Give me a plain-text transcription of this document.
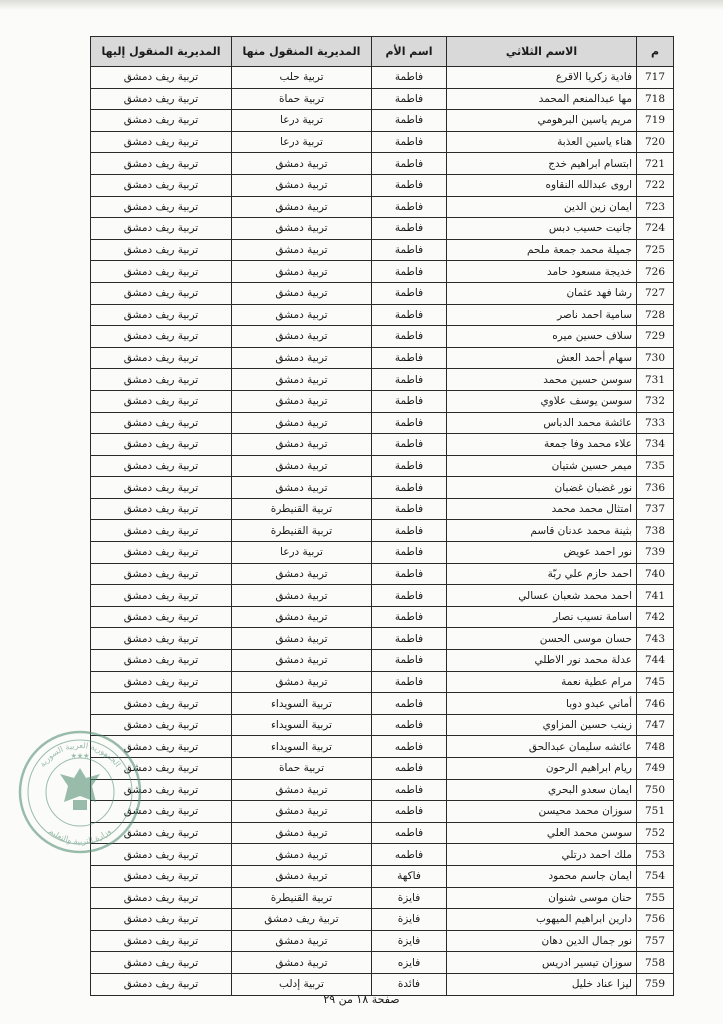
م	الاسم الثلاثي	اسم الأم	المديرية المنقول منها	المديرية المنقول إليها
717	فادية زكريا الاقرع	فاطمة	تربية حلب	تربية ريف دمشق
718	مها عبدالمنعم المحمد	فاطمة	تربية حماة	تربية ريف دمشق
719	مريم ياسين البرهومي	فاطمة	تربية درعا	تربية ريف دمشق
720	هناء ياسين العذبة	فاطمة	تربية درعا	تربية ريف دمشق
721	ابتسام ابراهيم خدج	فاطمة	تربية دمشق	تربية ريف دمشق
722	اروى عبدالله النقاوه	فاطمة	تربية دمشق	تربية ريف دمشق
723	ايمان زين الدين	فاطمة	تربية دمشق	تربية ريف دمشق
724	جانيت حسيب دبس	فاطمة	تربية دمشق	تربية ريف دمشق
725	جميلة محمد جمعة ملحم	فاطمة	تربية دمشق	تربية ريف دمشق
726	خديجة مسعود حامد	فاطمة	تربية دمشق	تربية ريف دمشق
727	رشا فهد عثمان	فاطمة	تربية دمشق	تربية ريف دمشق
728	سامية احمد ناصر	فاطمة	تربية دمشق	تربية ريف دمشق
729	سلاف حسين ميره	فاطمة	تربية دمشق	تربية ريف دمشق
730	سهام أحمد العش	فاطمة	تربية دمشق	تربية ريف دمشق
731	سوسن حسين محمد	فاطمة	تربية دمشق	تربية ريف دمشق
732	سوسن يوسف علاوي	فاطمة	تربية دمشق	تربية ريف دمشق
733	عائشة محمد الدباس	فاطمة	تربية دمشق	تربية ريف دمشق
734	علاء محمد وفا جمعة	فاطمة	تربية دمشق	تربية ريف دمشق
735	ميمر حسين شتيان	فاطمة	تربية دمشق	تربية ريف دمشق
736	نور غضبان غضبان	فاطمة	تربية دمشق	تربية ريف دمشق
737	امتثال محمد محمد	فاطمة	تربية القنيطرة	تربية ريف دمشق
738	بثينة محمد عدنان قاسم	فاطمة	تربية القنيطرة	تربية ريف دمشق
739	نور احمد عويض	فاطمة	تربية درعا	تربية ريف دمشق
740	احمد حازم علي ربّة	فاطمة	تربية دمشق	تربية ريف دمشق
741	احمد محمد شعبان عسالي	فاطمة	تربية دمشق	تربية ريف دمشق
742	اسامة نسيب نصار	فاطمة	تربية دمشق	تربية ريف دمشق
743	حسان موسى الحسن	فاطمة	تربية دمشق	تربية ريف دمشق
744	عدلة محمد نور الاطلي	فاطمة	تربية دمشق	تربية ريف دمشق
745	مرام عطية نعمة	فاطمة	تربية دمشق	تربية ريف دمشق
746	أماني عبدو دوبا	فاطمه	تربية السويداء	تربية ريف دمشق
747	زينب حسين المزاوي	فاطمه	تربية السويداء	تربية ريف دمشق
748	عائشه سليمان عبدالحق	فاطمه	تربية السويداء	تربية ريف دمشق
749	ريام ابراهيم الرحون	فاطمه	تربية حماة	تربية ريف دمشق
750	ايمان سعدو البحري	فاطمه	تربية دمشق	تربية ريف دمشق
751	سوزان محمد محيسن	فاطمه	تربية دمشق	تربية ريف دمشق
752	سوسن محمد العلي	فاطمه	تربية دمشق	تربية ريف دمشق
753	ملك احمد درتلي	فاطمه	تربية دمشق	تربية ريف دمشق
754	ايمان جاسم محمود	فاكهة	تربية دمشق	تربية ريف دمشق
755	حنان موسى شنوان	فايزة	تربية القنيطرة	تربية ريف دمشق
756	دارين ابراهيم الميهوب	فايزة	تربية ريف دمشق	تربية ريف دمشق
757	نور جمال الدين دهان	فايزة	تربية دمشق	تربية ريف دمشق
758	سوزان تيسير ادريس	فايزه	تربية دمشق	تربية ريف دمشق
759	ليزا عناد خليل	فائدة	تربية إدلب	تربية ريف دمشق
الجمهورية العربية السورية
وزارة التربية والتعليم
★★★
صفحة ١٨ من ٢٩
